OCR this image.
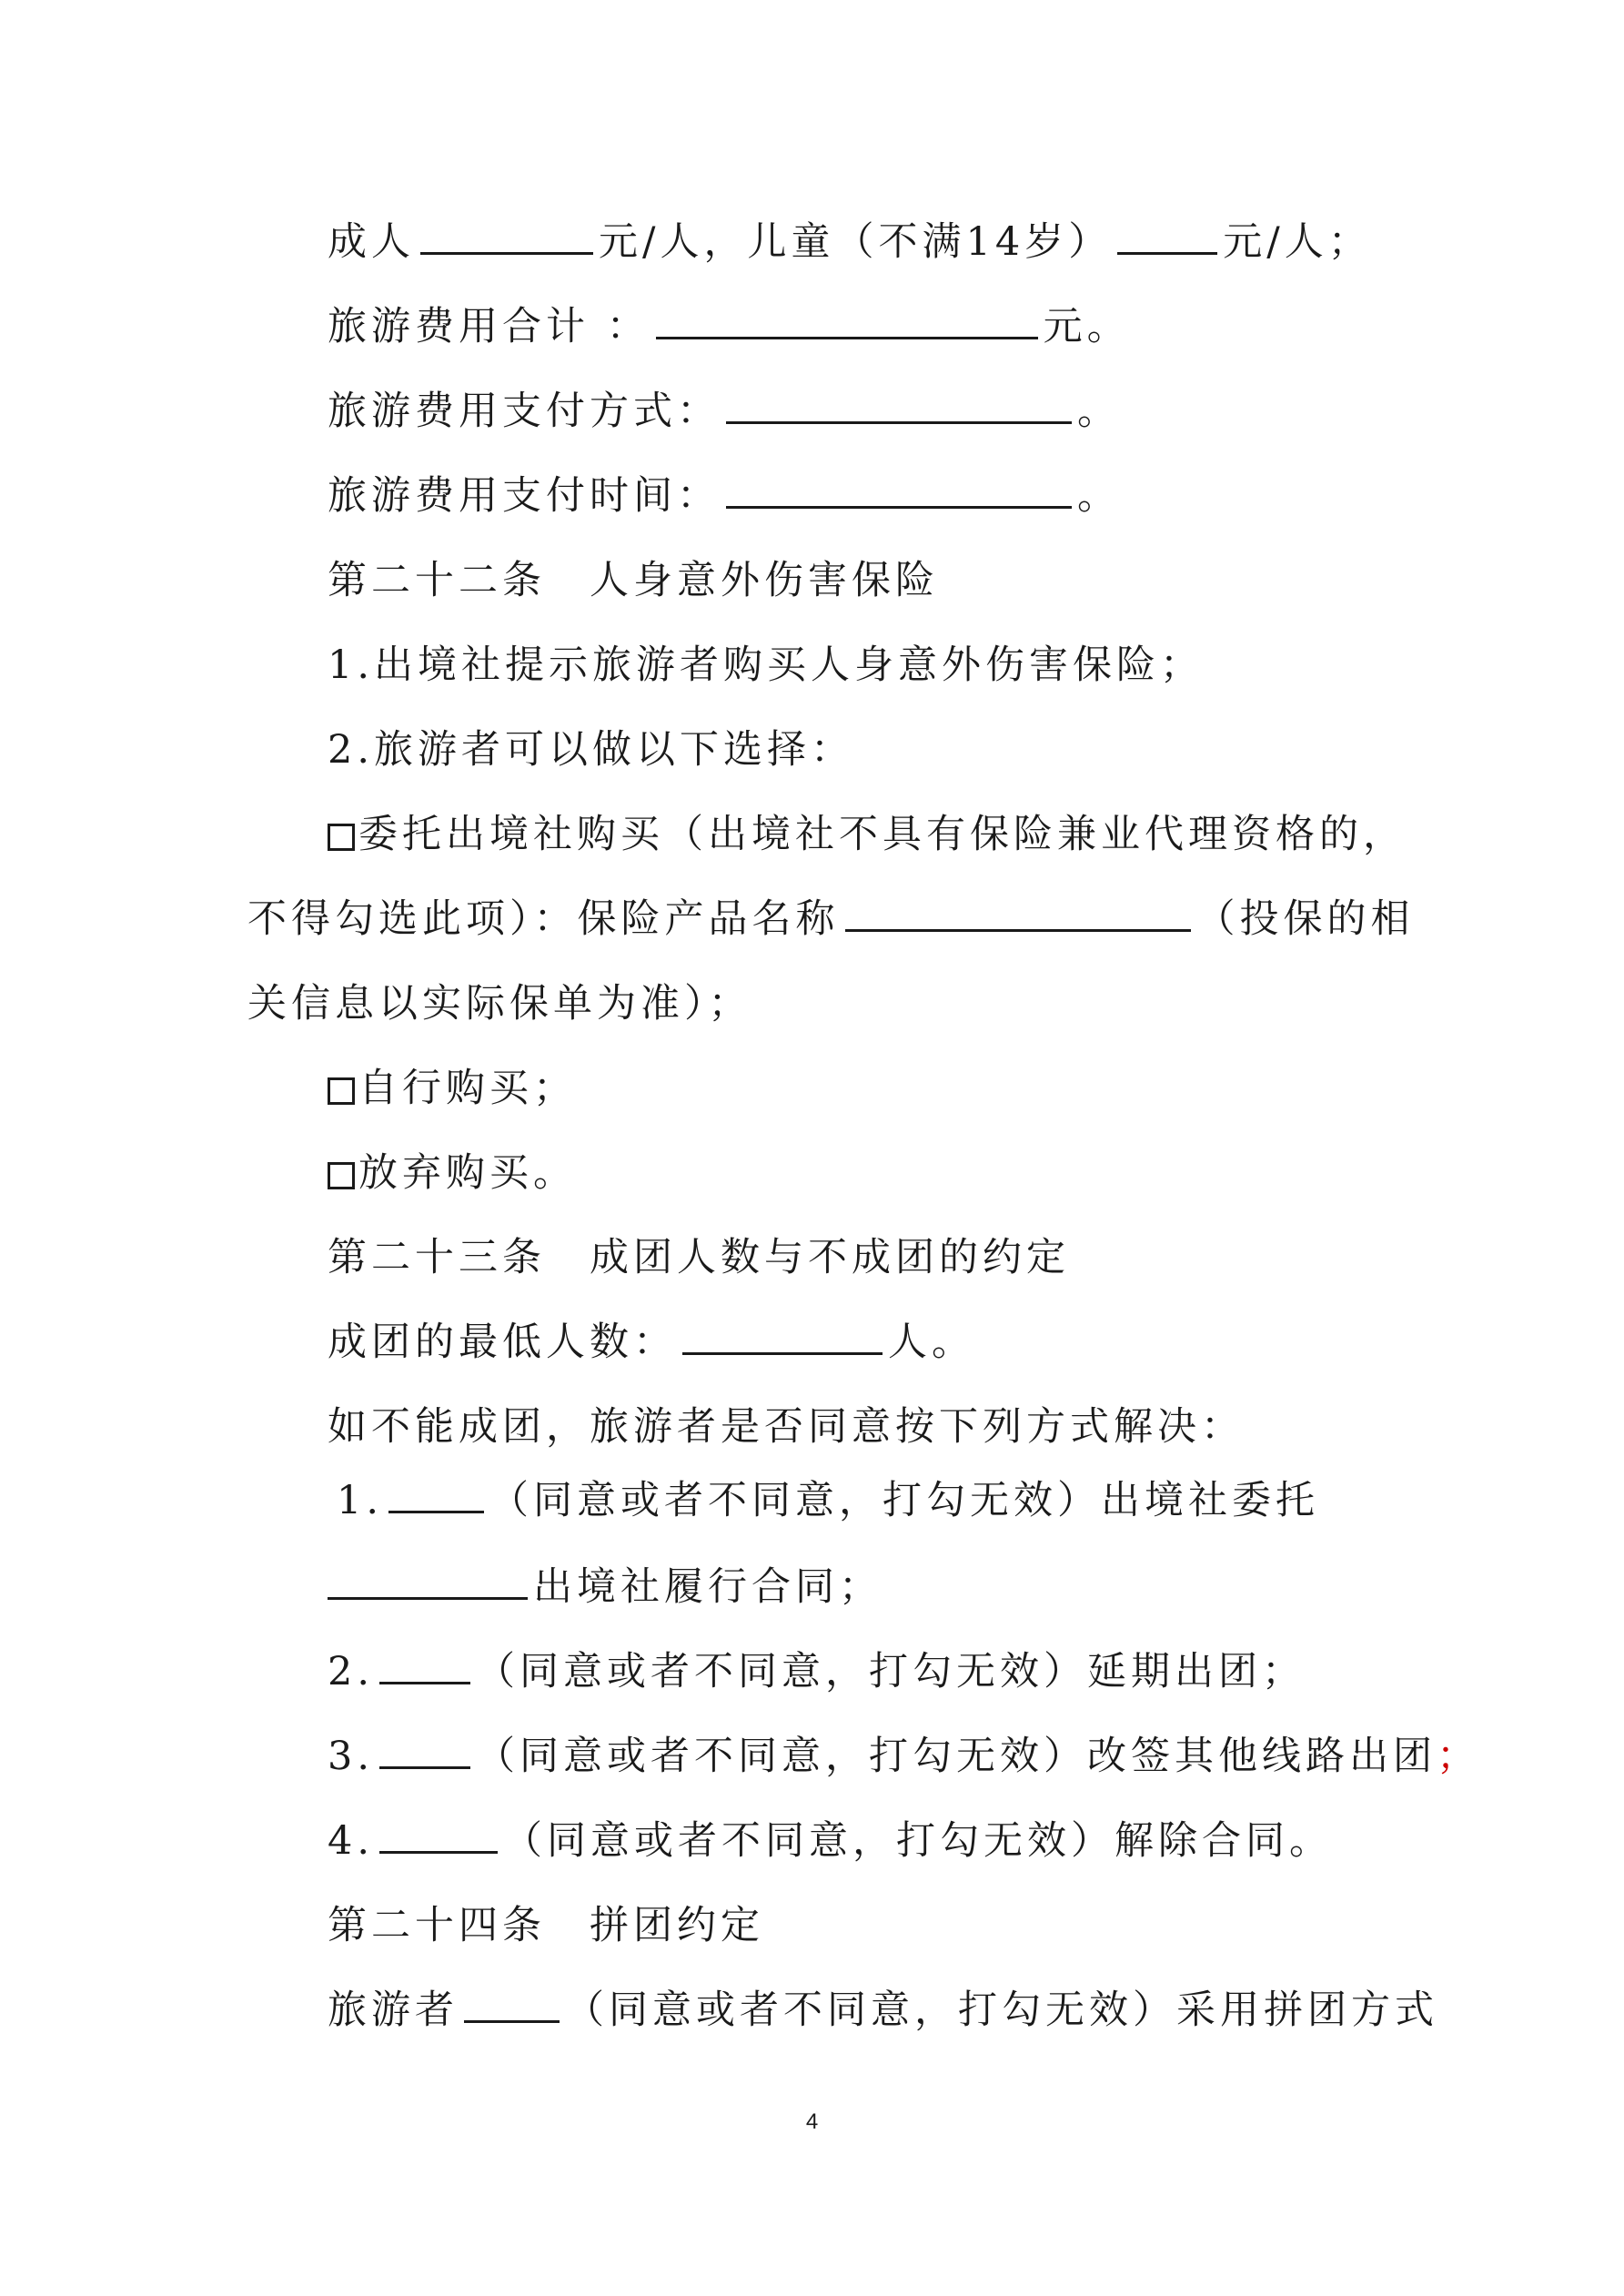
成人	元/人，儿童（不满14岁）	元/人；
旅游费用合计 ：	元。
旅游费用支付方式：	。
旅游费用支付时间：	。
第二十二条　人身意外伤害保险
1.出境社提示旅游者购买人身意外伤害保险；
2.旅游者可以做以下选择：
委托出境社购买（出境社不具有保险兼业代理资格的，
不得勾选此项）：保险产品名称	（投保的相
关信息以实际保单为准）；
自行购买；
放弃购买。
第二十三条　成团人数与不成团的约定
成团的最低人数：	人。
如不能成团，旅游者是否同意按下列方式解决：
1.	（同意或者不同意，打勾无效）出境社委托
出境社履行合同；
2.	（同意或者不同意，打勾无效）延期出团；
3.	（同意或者不同意，打勾无效）改签其他线路出团；
4.	（同意或者不同意，打勾无效）解除合同。
第二十四条　拼团约定
旅游者	（同意或者不同意，打勾无效）采用拼团方式
4
